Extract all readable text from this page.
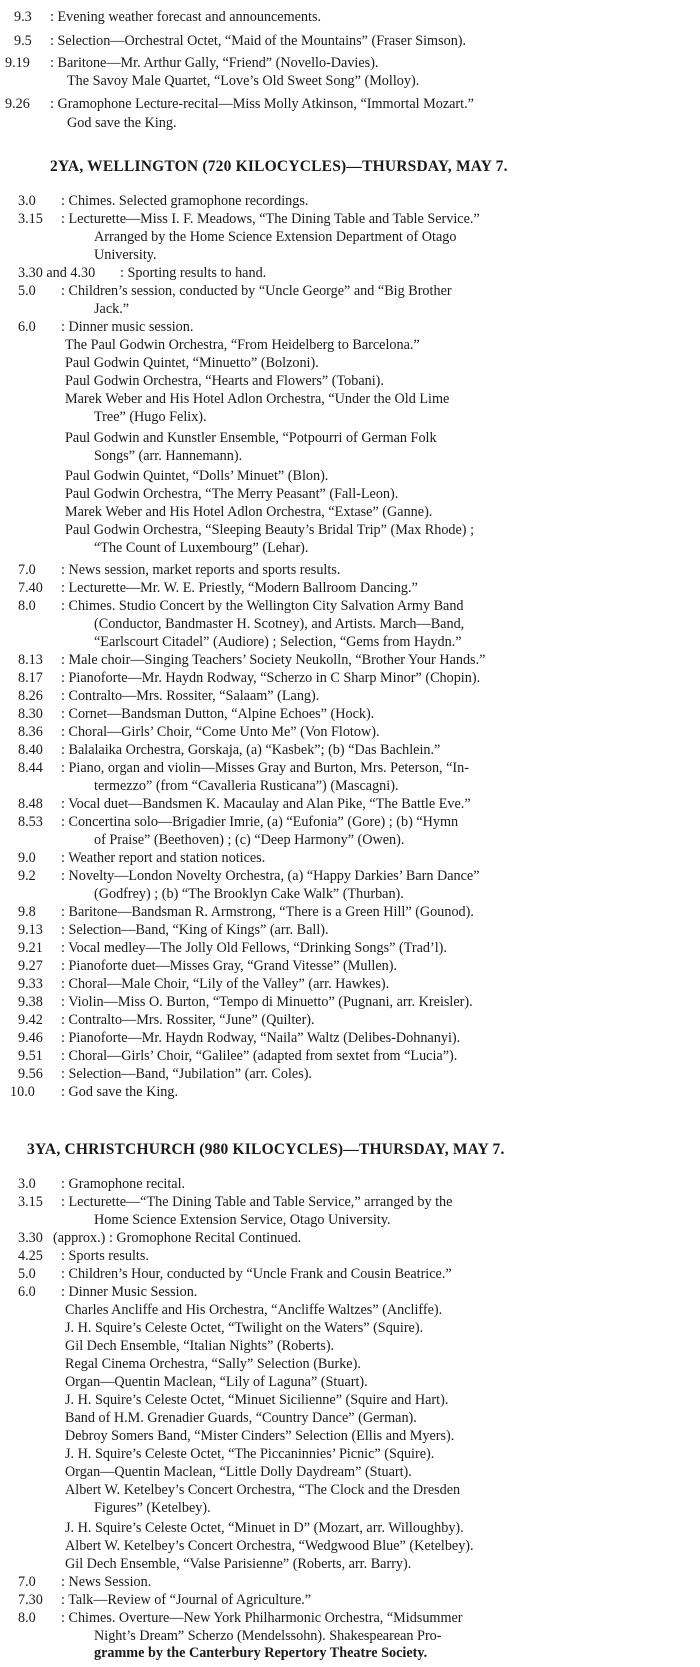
9.3 : Evening weather forecast and announcements.
9.5 : Selection—Orchestral Octet, “Maid of the Mountains” (Fraser Simson).
9.19 : Baritone—Mr. Arthur Gally, “Friend” (Novello-Davies).
The Savoy Male Quartet, “Love’s Old Sweet Song” (Molloy).
9.26 : Gramophone Lecture-recital—Miss Molly Atkinson, “Immortal Mozart.”
God save the King.
2YA, WELLINGTON (720 KILOCYCLES)—THURSDAY, MAY 7.
3.0 : Chimes. Selected gramophone recordings.
3.15 : Lecturette—Miss I. F. Meadows, “The Dining Table and Table Service.”
Arranged by the Home Science Extension Department of Otago
University.
3.30 and 4.30 : Sporting results to hand.
5.0 : Children’s session, conducted by “Uncle George” and “Big Brother
Jack.”
6.0 : Dinner music session.
The Paul Godwin Orchestra, “From Heidelberg to Barcelona.”
Paul Godwin Quintet, “Minuetto” (Bolzoni).
Paul Godwin Orchestra, “Hearts and Flowers” (Tobani).
Marek Weber and His Hotel Adlon Orchestra, “Under the Old Lime
Tree” (Hugo Felix).
Paul Godwin and Kunstler Ensemble, “Potpourri of German Folk
Songs” (arr. Hannemann).
Paul Godwin Quintet, “Dolls’ Minuet” (Blon).
Paul Godwin Orchestra, “The Merry Peasant” (Fall-Leon).
Marek Weber and His Hotel Adlon Orchestra, “Extase” (Ganne).
Paul Godwin Orchestra, “Sleeping Beauty’s Bridal Trip” (Max Rhode) ;
“The Count of Luxembourg” (Lehar).
7.0 : News session, market reports and sports results.
7.40 : Lecturette—Mr. W. E. Priestly, “Modern Ballroom Dancing.”
8.0 : Chimes. Studio Concert by the Wellington City Salvation Army Band
(Conductor, Bandmaster H. Scotney), and Artists. March—Band,
“Earlscourt Citadel” (Audiore) ; Selection, “Gems from Haydn.”
8.13 : Male choir—Singing Teachers’ Society Neukolln, “Brother Your Hands.”
8.17 : Pianoforte—Mr. Haydn Rodway, “Scherzo in C Sharp Minor” (Chopin).
8.26 : Contralto—Mrs. Rossiter, “Salaam” (Lang).
8.30 : Cornet—Bandsman Dutton, “Alpine Echoes” (Hock).
8.36 : Choral—Girls’ Choir, “Come Unto Me” (Von Flotow).
8.40 : Balalaika Orchestra, Gorskaja, (a) “Kasbek”; (b) “Das Bachlein.”
8.44 : Piano, organ and violin—Misses Gray and Burton, Mrs. Peterson, “In-
termezzo” (from “Cavalleria Rusticana”) (Mascagni).
8.48 : Vocal duet—Bandsmen K. Macaulay and Alan Pike, “The Battle Eve.”
8.53 : Concertina solo—Brigadier Imrie, (a) “Eufonia” (Gore) ; (b) “Hymn
of Praise” (Beethoven) ; (c) “Deep Harmony” (Owen).
9.0 : Weather report and station notices.
9.2 : Novelty—London Novelty Orchestra, (a) “Happy Darkies’ Barn Dance”
(Godfrey) ; (b) “The Brooklyn Cake Walk” (Thurban).
9.8 : Baritone—Bandsman R. Armstrong, “There is a Green Hill” (Gounod).
9.13 : Selection—Band, “King of Kings” (arr. Ball).
9.21 : Vocal medley—The Jolly Old Fellows, “Drinking Songs” (Trad’l).
9.27 : Pianoforte duet—Misses Gray, “Grand Vitesse” (Mullen).
9.33 : Choral—Male Choir, “Lily of the Valley” (arr. Hawkes).
9.38 : Violin—Miss O. Burton, “Tempo di Minuetto” (Pugnani, arr. Kreisler).
9.42 : Contralto—Mrs. Rossiter, “June” (Quilter).
9.46 : Pianoforte—Mr. Haydn Rodway, “Naila” Waltz (Delibes-Dohnanyi).
9.51 : Choral—Girls’ Choir, “Galilee” (adapted from sextet from “Lucia”).
9.56 : Selection—Band, “Jubilation” (arr. Coles).
10.0 : God save the King.
3YA, CHRISTCHURCH (980 KILOCYCLES)—THURSDAY, MAY 7.
3.0 : Gramophone recital.
3.15 : Lecturette—“The Dining Table and Table Service,” arranged by the
Home Science Extension Service, Otago University.
3.30 (approx.) : Gromophone Recital Continued.
4.25 : Sports results.
5.0 : Children’s Hour, conducted by “Uncle Frank and Cousin Beatrice.”
6.0 : Dinner Music Session.
Charles Ancliffe and His Orchestra, “Ancliffe Waltzes” (Ancliffe).
J. H. Squire’s Celeste Octet, “Twilight on the Waters” (Squire).
Gil Dech Ensemble, “Italian Nights” (Roberts).
Regal Cinema Orchestra, “Sally” Selection (Burke).
Organ—Quentin Maclean, “Lily of Laguna” (Stuart).
J. H. Squire’s Celeste Octet, “Minuet Sicilienne” (Squire and Hart).
Band of H.M. Grenadier Guards, “Country Dance” (German).
Debroy Somers Band, “Mister Cinders” Selection (Ellis and Myers).
J. H. Squire’s Celeste Octet, “The Piccaninnies’ Picnic” (Squire).
Organ—Quentin Maclean, “Little Dolly Daydream” (Stuart).
Albert W. Ketelbey’s Concert Orchestra, “The Clock and the Dresden
Figures” (Ketelbey).
J. H. Squire’s Celeste Octet, “Minuet in D” (Mozart, arr. Willoughby).
Albert W. Ketelbey’s Concert Orchestra, “Wedgwood Blue” (Ketelbey).
Gil Dech Ensemble, “Valse Parisienne” (Roberts, arr. Barry).
7.0 : News Session.
7.30 : Talk—Review of “Journal of Agriculture.”
8.0 : Chimes. Overture—New York Philharmonic Orchestra, “Midsummer
Night’s Dream” Scherzo (Mendelssohn). Shakespearean Pro-
gramme by the Canterbury Repertory Theatre Society.
